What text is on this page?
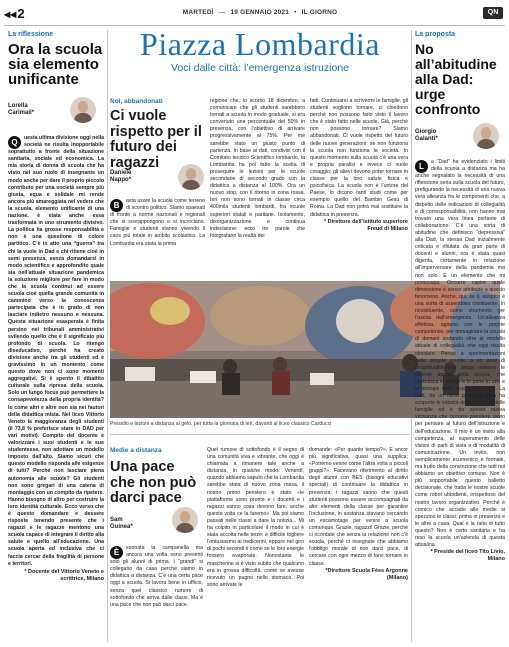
◀◀2	MARTEDÌ — 19 GENNAIO 2021 • IL GIORNO	QN
La riflessione
Ora la scuola sia elemento unificante
Lorella
Carimali*
Q	uesta ultima divisione oggi nella società ne risulta inopportabile soprattutto a fronte della situazione sanitaria, sociale ed economica. La mia storia di donna di scuola che ha visto nel suo ruolo di insegnante un modo anche per dare il proprio piccolo contributo per una società sempre più giusta, equa e solidale mi rende ancora più amareggiata nel vedere che la scuola, elemento unificante di una nazione, è stata anche essa trasformata in uno strumento divisivo. La politica ha grosse responsabilità e non è una questione di colore partitico. C’è in atto una “guerra” tra chi la vuole in Dad e chi ritiene cioè in semi presenza, senza domandarsi in modo scientifico e approfondito quale sia nell’attuale situazione pandemica la soluzione migliore per fare in modo che la scuola continui ad essere scuola cioè quella grande comunità in cammino verso la conoscenza partecipata che è in grado di non lasciare indietro nessuno e nessuna. Questa situazione esasperata è finita persino nei tribunali amministrativi svilendo quello che è il significato più profondo di scuola. Lo ritengo diseducativo, perché ha creato divisione anche tra gli studenti ed è gravissimo in un momento come questo dove non ci sono momenti aggregativi. Si è spento il dibattito culturale sulla ripresa della scuola. Solo un lungo focus può permettere la consapevolezza della propria identità? lo come altri e altre non sia nei fautori della didattica mista. Nel liceo Vittorio Veneto la maggioranza degli studenti (il 73,8 % preferisce stare in DAD per vari motivi). Compito del docente è valorizzare i suoi studenti e le sue studentesse, non adottare un modello imposto dall’alto. Siamo sicuri che questo modello risponda alle esigenze di tutti? Perché non lasciare piena autonomia alle scuole? Gli studenti non sono gregari di una catena di montaggio con un compito da ripetere. Hanno bisogno di altro per costruire la loro identità culturale. Ecco verso che è questo domandare e dessere risposte tenendo presente che i ragazzi e le ragazze mentono una scuola capace di integrare il diritto alla salute e quello all’educazione. Una scuola aperta ed inclusiva che ci faccia cercar della fragilità di persone e territori.
* Docente del Vittorio Veneto e scrittrice, Milano
Piazza Lombardia
Voci dalle città: l’emergenza istruzione
Noi, abbandonati
Ci vuole rispetto per il futuro dei ragazzi
Daniele
Nappo*
B	asta usare la scuola come terreno di scontro politico. Siamo spaesati di fronte a norme nazionali e regionali che si sovrappongono e si incrociano. Famiglie e studenti stanno vivendo il caos più totale in ambito scolastico. La Lombardia era stata la prima
regione che, lo scorso 18 dicembre, a comunicare che gli studenti sarebbero tornati a scuola in modo graduale, si era convenuto una percentuale del 50% in presenza, con l’obiettivo di arrivare progressivamente al 75%. Per me sarebbe stato un giusto punto di partenza. In base ai dati, condivisi con il Comitato tecnico Scientifico lombardo, la Lombardia ha poi fatto la scelta di prosequire le lezioni per le scuole secondarie di secondo grado con la didattica a distanza al 100%. Ora un nuovo stop, con il ritorno in zona rossa. Ieri non sono tornati in classe circa 400mila studenti lombardi, fra scuole superiori statali e paritarie. Isolamento, disorganizzazione e continua indecisione: ecco tre parole che fotografano la realtà dei
fatti. Continuano a scrivermi le famiglie, gli studenti vogliono tornare, ci chiedono perché non possono farlo visto il lavoro che è stato fatto nelle scuole. Già, perché non possono tornare? Siamo abbandonati. Ci vuole rispetto del futuro delle nuove generazioni: se non funziona la scuola non funziona la società. In questo momento sulla scuola c’è una vera e propria paralisi e invece ci vuole coraggio; gli alievi devono poter tornare in classe per la loro salute fisica e psicofisica. La scuola non è l’untore del Paese, lo dicono tanti studi come per esempio quello del Bambin Gesù di Roma. La Dad non potrà mai sostituire la didattica in presenza.
* Direttore dell’istituto superiore Freud di Milano
Presidio e lezioni a distanza al gelo, per tutta la giornata di ieri, davanti al liceo classico Carducci
Medie a distanza
Una pace che non può darci pace
Sam
Guinea*
È	suonata la campanella ma ancora una volta sono presenti solo gli alunni di prima. I “grandi” si collegano da casa perché siamo in didattica a distanza. C’è una certa pace oggi a scuola. Si lavora bene in ufficio, senza quel classico rumore di sottofondo che arriva dalle classi. Ma è una pace che non può darci pace.
Quel rumore di sottofondo è il segno di una comunità viva e vibrante, che oggi è chiamata a rimanere tale anche a distanza, in qualche modo. Venerdì, quando abbiamo saputo che la Lombardia sarebbe stata di nuovo zona rossa, il nostro primo pensiero è stato «le piattaforme sono pronte e i docenti e i ragazzi sanno cosa devono fare, anche questa volta ce la faremo». Ma poi siamo passati nelle classi a dare la notizia... Mi ha colpito in particolare il modo in cui è stata accolta nelle terze: è difficile togliere l’entusiasmo ai tredicenni, eppure nel giro di pochi secondi è come se le loro energie fossero evaporate. Nonostante le mascherine si è visto subito che qualcuno era in grossa difficoltà, come se avesse ricevuto un pugno nello stomaco. Poi sono arrivate le
domande: «Per quanto tempo?», E ancor più significativa, quasi una supplica: «Potremo venire come l’altra volta a piccoli gruppi?». Facevano riferimento al diritto degli alunni con BES (bisogni educativi speciali) di continuare la didattica in presenza: i ragazzi sanno che questi studenti possono essere accompagnati da altri elementi della classe per garantire l’inclusione, in sostanza stavano cercando un escamotage per venire a scuola comunque. Grazie, ragazzi! Grazie, perché ci ricordate che senza la relazione non c’è scuola, perché ci insegnate che abbiamo l’obbligo morale di non darci pace, di cercare con ogni mezzo di farvi tornare in classe.
*Direttore Scuola Fées Argonne (Milano)
La proposta
No all’abitudine alla Dad: urge confronto
Giorgio
Galanti*
L	a “Dad” ha evidenziato i limiti della scuola a distanza ma ha anche segnalato la necessità di una riflessione seria sulla scuola del futuro, prefigurando la necessità di una nuova vera alleanza fra le componenti che, a dispetto delle indicazioni di collegialità e di corresponsabilità, non hanno mai trovato una vera linea portante di collaborazione. C’è una sorta di abitudine che definisco “depressiva” alla Dad, la stessa Dad inizialmente criticata e rifiutata da gran parte di docenti e alunni, ora è stata quasi digerita, certamente in relazione all’imperversare della pandemia ma non solo. È un elemento che mi preoccupa. Occorre capire quale dimensione e senso attribuire a questo fenomeno. Anche, qui, se il, auspico è una sorta di assemblea costituente, in ricostituente, come strumento per l’uscita dall’emergenza. Un’alleanza effettiva, ognuno con le proprie competenze, per immaginare la scuola di domani andando oltre al modello attuale di collegialità che oggi risulta obsoleto. Penso a sperimentazioni nelle singole scuole, a un asse di progettualità che tenga insieme le diverse anime della scuola, che costruisca lo scibile e lo pone in uno e le biologie della scuola che verrà. La Dad, da un certo punto di vista ha scoperto le intimità della scuola e delle famiglie ed è da questa nuova vicinanza che occorre prendere avvio per pensare al futuro dell’istruzione e dell’educazione. Il mio è un invito alla competenza, al superamento delle visioni di parti di vista e di modalità di comunicazione. Un invito, non semplicemente ecumenico e formale, ma frutto della convinzione che tutti noi abbiamo un obiettivo comune. Non è più sopportabile questo balletto decisionale, che tratta le nostre scuole come robot ubbidienti, irrispettoso del nostro lavoro organizzativo. Perché è cronico che accade alle medie si spezzino le classi: prima in presenza e le altre a casa. Qual è la ratio di tutto questo? Non è certo sanitaria e ha reso la scuola un’azienda di questa attualina.
* Preside del liceo Tito Livio, Milano
